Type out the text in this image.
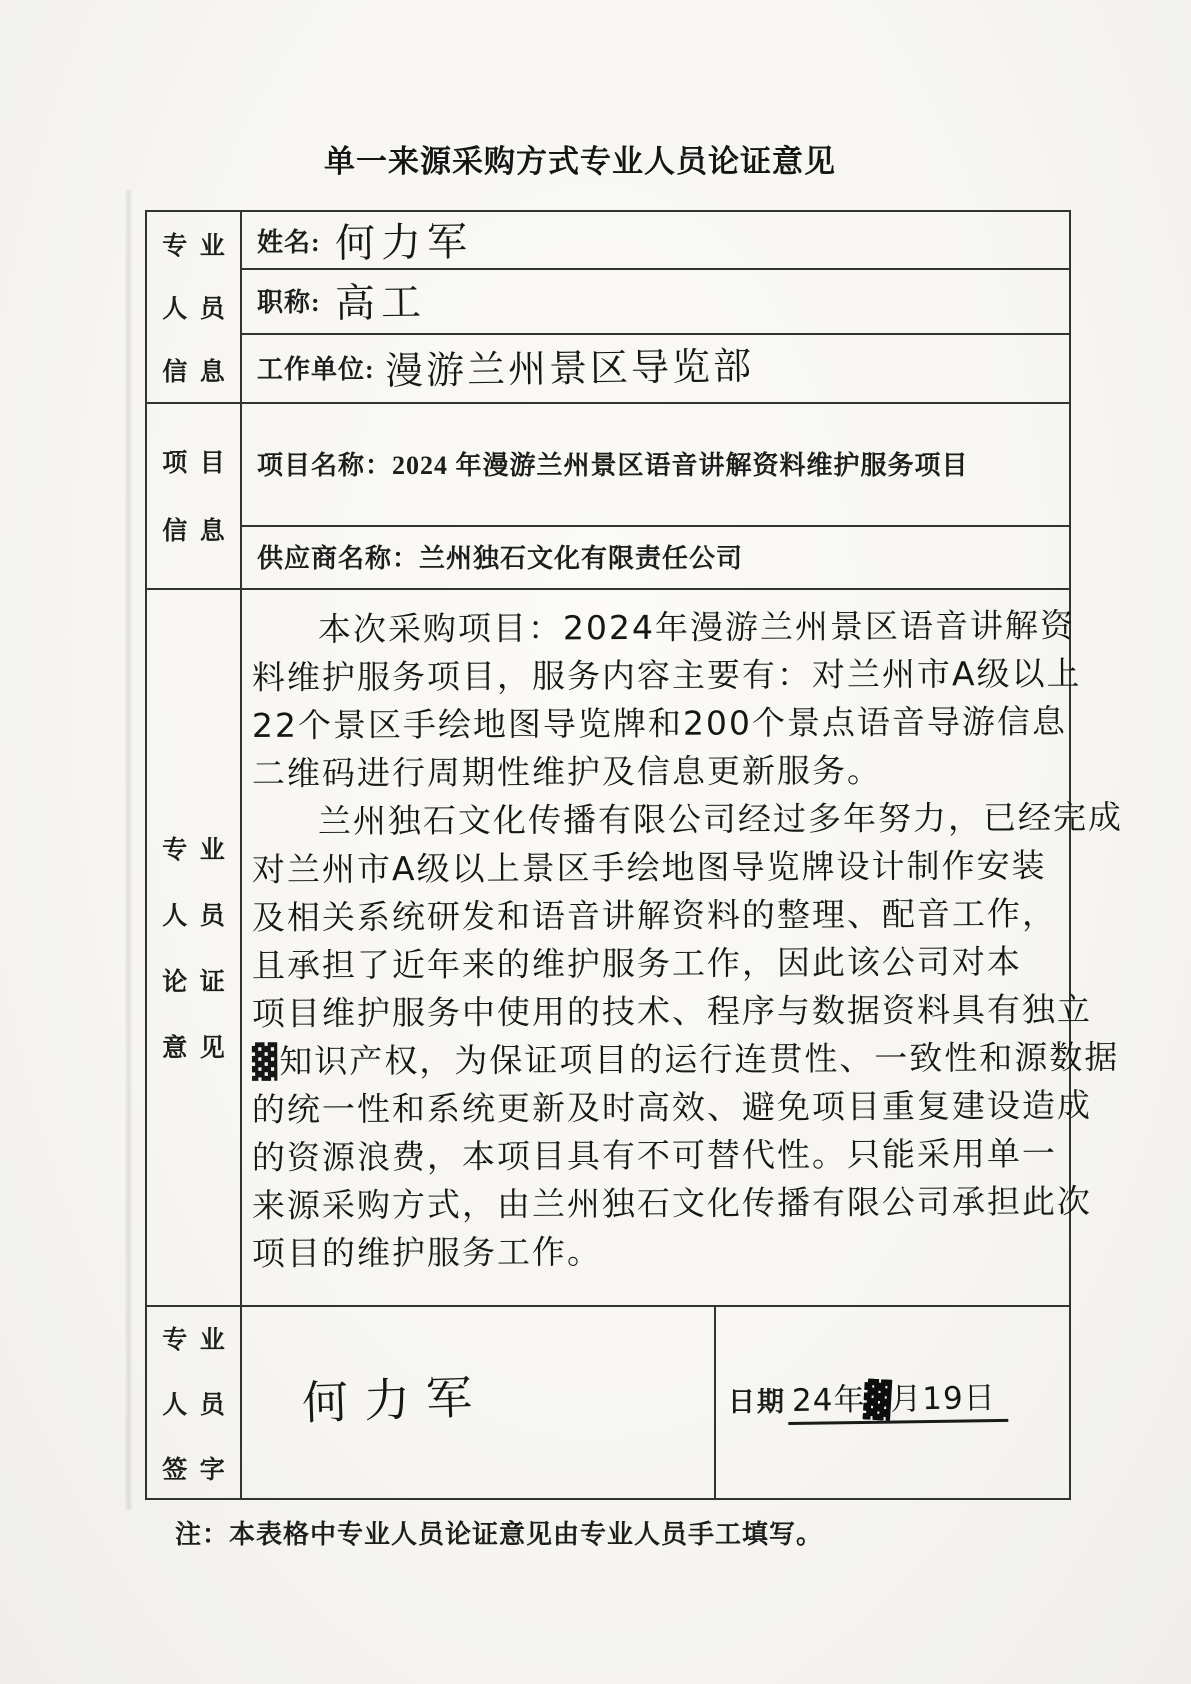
单一来源采购方式专业人员论证意见
专  业
人  员
信  息
项  目
信  息
专  业
人  员
论  证
意  见
专  业
人  员
签  字
姓名: 何力军
职称: 高工
工作单位: 漫游兰州景区导览部
项目名称： 2024 年漫游兰州景区语音讲解资料维护服务项目
供应商名称： 兰州独石文化有限责任公司
本次采购项目：2024年漫游兰州景区语音讲解资
料维护服务项目，服务内容主要有：对兰州市A级以上
22个景区手绘地图导览牌和200个景点语音导游信息
二维码进行周期性维护及信息更新服务。
兰州独石文化传播有限公司经过多年努力，已经完成
对兰州市A级以上景区手绘地图导览牌设计制作安装
及相关系统研发和语音讲解资料的整理、配音工作，
且承担了近年来的维护服务工作，因此该公司对本
项目维护服务中使用的技术、程序与数据资料具有独立
▓知识产权，为保证项目的运行连贯性、一致性和源数据
的统一性和系统更新及时高效、避免项目重复建设造成
的资源浪费，本项目具有不可替代性。只能采用单一
来源采购方式，由兰州独石文化传播有限公司承担此次
项目的维护服务工作。
何力军	日期 24年▓月19日
注：本表格中专业人员论证意见由专业人员手工填写。
